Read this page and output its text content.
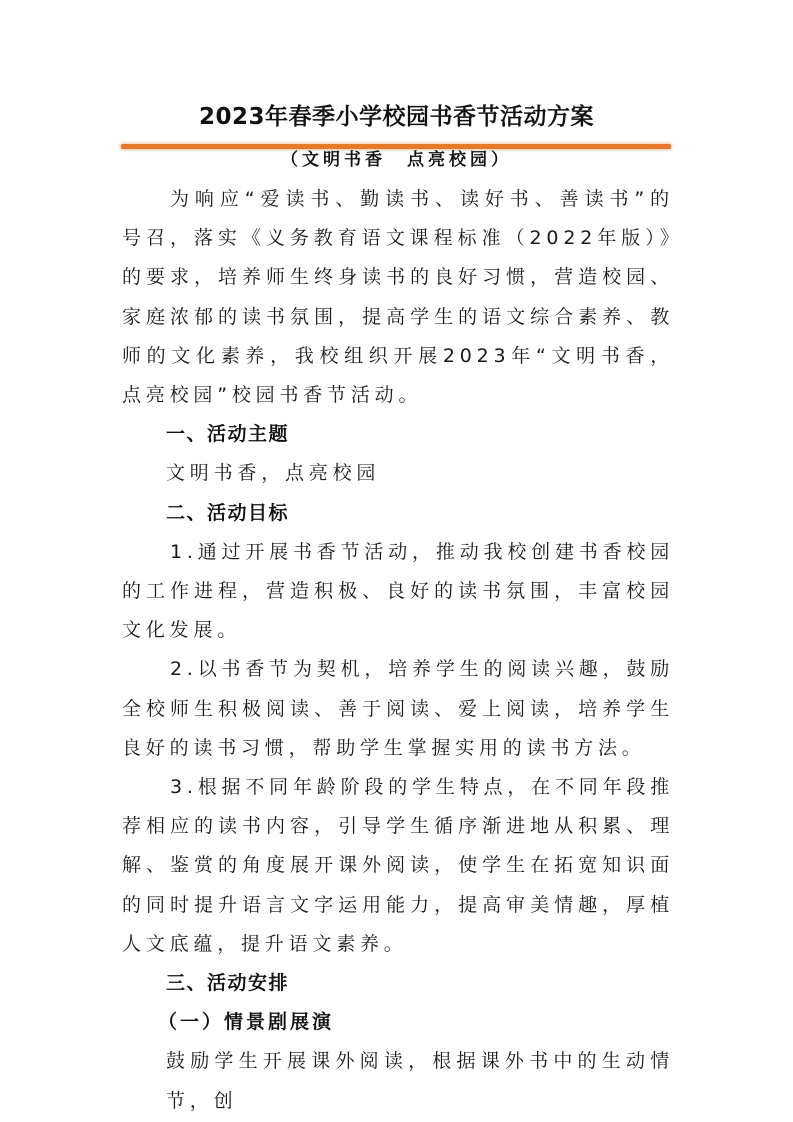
2023年春季小学校园书香节活动方案
（文明书香　点亮校园）

为响应“爱读书、勤读书、读好书、善读书”的号召，落实《义务教育语文课程标准（2022年版）》的要求，培养师生终身读书的良好习惯，营造校园、家庭浓郁的读书氛围，提高学生的语文综合素养、教师的文化素养，我校组织开展2023年“文明书香，点亮校园”校园书香节活动。

一、活动主题

文明书香，点亮校园

二、活动目标

1.通过开展书香节活动，推动我校创建书香校园的工作进程，营造积极、良好的读书氛围，丰富校园文化发展。

2.以书香节为契机，培养学生的阅读兴趣，鼓励全校师生积极阅读、善于阅读、爱上阅读，培养学生良好的读书习惯，帮助学生掌握实用的读书方法。

3.根据不同年龄阶段的学生特点，在不同年段推荐相应的读书内容，引导学生循序渐进地从积累、理解、鉴赏的角度展开课外阅读，使学生在拓宽知识面的同时提升语言文字运用能力，提高审美情趣，厚植人文底蕴，提升语文素养。

三、活动安排

（一）情景剧展演

鼓励学生开展课外阅读，根据课外书中的生动情节，创
